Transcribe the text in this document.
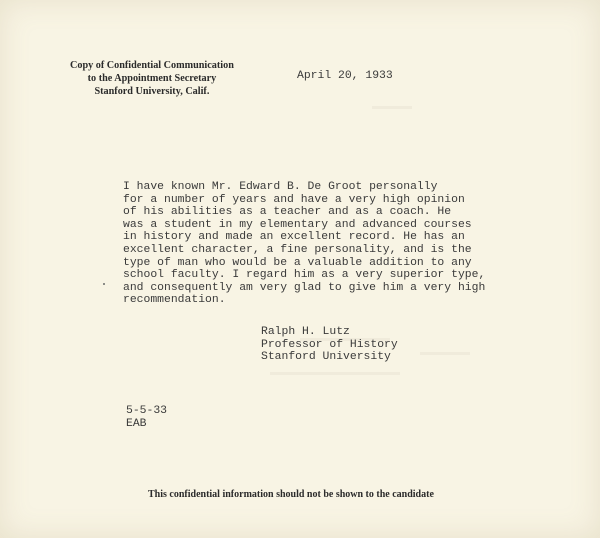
Copy of Confidential Communication
to the Appointment Secretary
Stanford University, Calif.
April 20, 1933
I have known Mr. Edward B. De Groot personally
for a number of years and have a very high opinion
of his abilities as a teacher and as a coach. He
was a student in my elementary and advanced courses
in history and made an excellent record. He has an
excellent character, a fine personality, and is the
type of man who would be a valuable addition to any
school faculty. I regard him as a very superior type,
and consequently am very glad to give him a very high
recommendation.
Ralph H. Lutz
Professor of History
Stanford University
5-5-33
EAB
This confidential information should not be shown to the candidate
